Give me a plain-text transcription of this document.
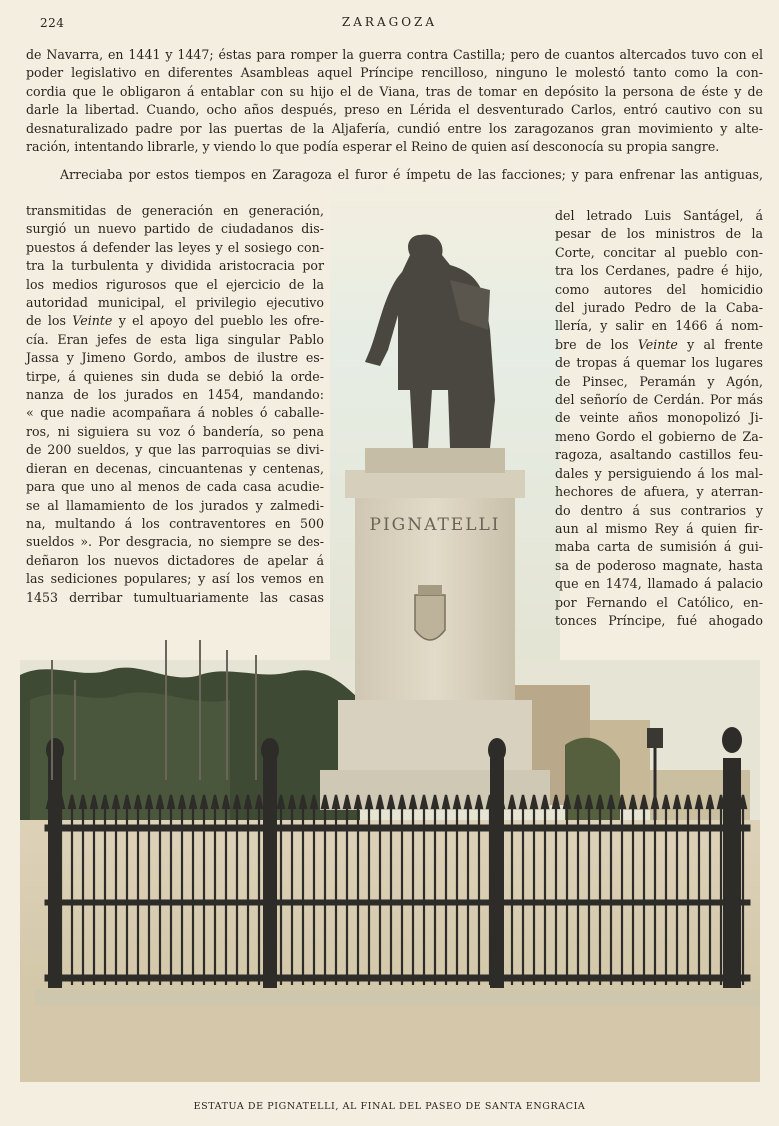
224	ZARAGOZA
PIGNATELLI

de Navarra, en 1441 y 1447; éstas para romper la guerra contra Castilla; pero de cuantos altercados tuvo con el
poder legislativo en diferentes Asambleas aquel Príncipe rencilloso, ninguno le molestó tanto como la con-
cordia que le obligaron á entablar con su hijo el de Viana, tras de tomar en depósito la persona de éste y de
darle la libertad. Cuando, ocho años después, preso en Lérida el desventurado Carlos, entró cautivo con su
desnaturalizado padre por las puertas de la Aljafería, cundió entre los zaragozanos gran movimiento y alte-
ración, intentando librarle, y viendo lo que podía esperar el Reino de quien así desconocía su propia sangre.

Arreciaba por estos tiempos en Zaragoza el furor é ímpetu de las facciones; y para enfrenar las antiguas,

transmitidas de generación en generación,
surgió un nuevo partido de ciudadanos dis-
puestos á defender las leyes y el sosiego con-
tra la turbulenta y dividida aristocracia por
los medios rigurosos que el ejercicio de la
autoridad municipal, el privilegio ejecutivo
de los Veinte y el apoyo del pueblo les ofre-
cía. Eran jefes de esta liga singular Pablo
Jassa y Jimeno Gordo, ambos de ilustre es-
tirpe, á quienes sin duda se debió la orde-
nanza de los jurados en 1454, mandando:
« que nadie acompañara á nobles ó caballe-
ros, ni siguiera su voz ó bandería, so pena
de 200 sueldos, y que las parroquias se divi-
dieran en decenas, cincuantenas y centenas,
para que uno al menos de cada casa acudie-
se al llamamiento de los jurados y zalmedi-
na, multando á los contraventores en 500
sueldos ». Por desgracia, no siempre se des-
deñaron los nuevos dictadores de apelar á
las sediciones populares; y así los vemos en
1453 derribar tumultuariamente las casas
del letrado Luis Santágel, á
pesar de los ministros de la
Corte, concitar al pueblo con-
tra los Cerdanes, padre é hijo,
como autores del homicidio
del jurado Pedro de la Caba-
llería, y salir en 1466 á nom-
bre de los Veinte y al frente
de tropas á quemar los lugares
de Pinsec, Peramán y Agón,
del señorío de Cerdán. Por más
de veinte años monopolizó Ji-
meno Gordo el gobierno de Za-
ragoza, asaltando castillos feu-
dales y persiguiendo á los mal-
hechores de afuera, y aterran-
do dentro á sus contrarios y
aun al mismo Rey á quien fir-
maba carta de sumisión á gui-
sa de poderoso magnate, hasta
que en 1474, llamado á palacio
por Fernando el Católico, en-
tonces Príncipe, fué ahogado
ESTATUA DE PIGNATELLI, AL FINAL DEL PASEO DE SANTA ENGRACIA
